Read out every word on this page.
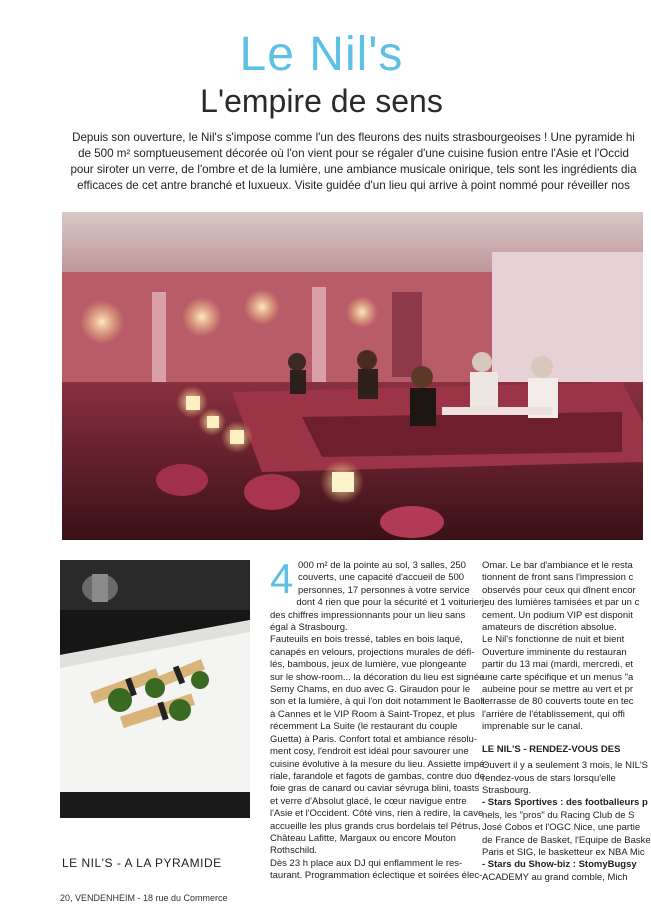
Le Nil's
L'empire de sens
Depuis son ouverture, le Nil's s'impose comme l'un des fleurons des nuits strasbourgeoises ! Une pyramide hi
de 500 m² somptueusement décorée où l'on vient pour se régaler d'une cuisine fusion entre l'Asie et l'Occid
pour siroter un verre, de l'ombre et de la lumière, une ambiance musicale onirique, tels sont les ingrédients dia
efficaces de cet antre branché et luxueux. Visite guidée d'un lieu qui arrive à point nommé pour réveiller nos
LE NIL'S - A LA PYRAMIDE
20, VENDENHEIM - 18 rue du Commerce
4 000 m² de la pointe au sol, 3 salles, 250
couverts, une capacité d'accueil de 500
personnes, 17 personnes à votre service
dont 4 rien que pour la sécurité et 1 voiturier...
des chiffres impressionnants pour un lieu sans
égal à Strasbourg.
Fauteuils en bois tressé, tables en bois laqué,
canapés en velours, projections murales de défi-
lés, bambous, jeux de lumière, vue plongeante
sur le show-room... la décoration du lieu est signée
Semy Chams, en duo avec G. Giraudon pour le
son et la lumière, à qui l'on doit notamment le Baoli
à Cannes et le VIP Room à Saint-Tropez, et plus
récemment La Suite (le restaurant du couple
Guetta) à Paris. Confort total et ambiance résolu-
ment cosy, l'endroit est idéal pour savourer une
cuisine évolutive à la mesure du lieu. Assiette impé-
riale, farandole et fagots de gambas, contre duo de
foie gras de canard ou caviar sévruga blini, toasts
et verre d'Absolut glacé, le cœur navigue entre
l'Asie et l'Occident. Côté vins, rien à redire, la cave
accueille les plus grands crus bordelais tel Pétrus,
Château Lafitte, Margaux ou encore Mouton
Rothschild.
Dès 23 h place aux DJ qui enflamment le res-
taurant. Programmation éclectique et soirées élec-
Omar. Le bar d'ambiance et le resta
tionnent de front sans l'impression c
observés pour ceux qui dînent encor
jeu des lumières tamisées et par un c
cement. Un podium VIP est disponit
amateurs de discrétion absolue.
Le Nil's fonctionne de nuit et bient
Ouverture imminente du restauran
partir du 13 mai (mardi, mercredi, et
une carte spécifique et un menus "a
aubeine pour se mettre au vert et pr
terrasse de 80 couverts toute en tec
l'arrière de l'établissement, qui offi
imprenable sur le canal.
LE NIL'S - RENDEZ-VOUS DES
Ouvert il y a seulement 3 mois, le NIL'S
rendez-vous de stars lorsqu'elle
Strasbourg.
- Stars Sportives : des footballeurs p
nels, les "pros" du Racing Club de S
José Cobos et l'OGC Nice, une partie
de France de Basket, l'Equipe de Baske
Paris et SIG, le basketteur ex NBA Mic
- Stars du Show-biz : StomyBugsy
ACADEMY au grand comble, Mich
